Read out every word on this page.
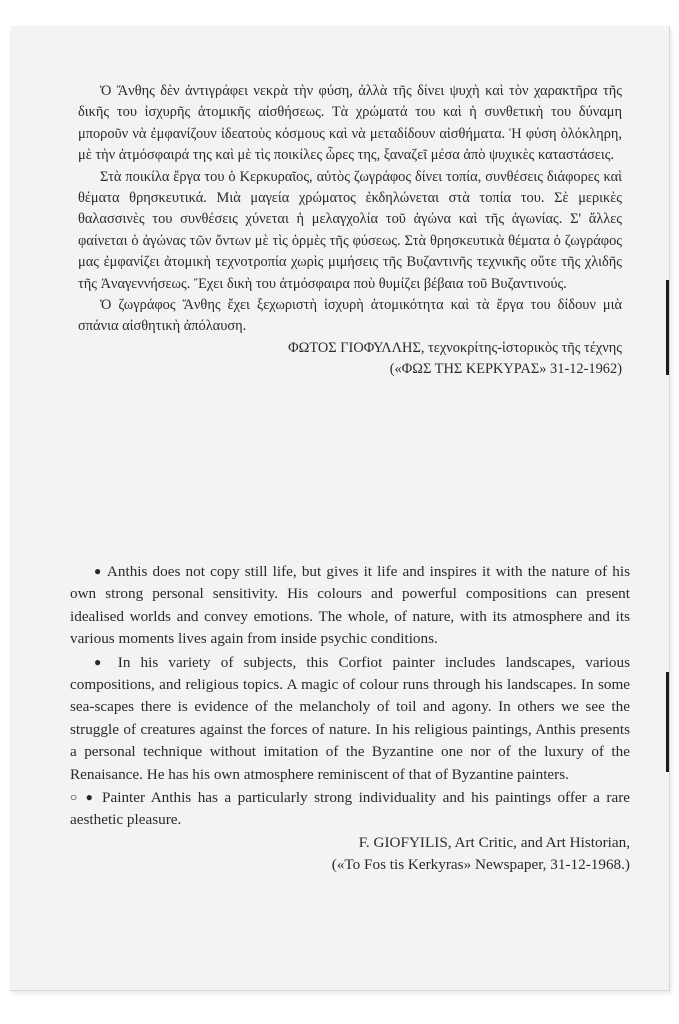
Ὁ Ἄνθης δὲν ἀντιγράφει νεκρὰ τὴν φύση, ἀλλὰ τῆς δίνει ψυχὴ καὶ τὸν χαρακτῆρα τῆς δικῆς του ἰσχυρῆς ἀτομικῆς αἰσθήσεως. Τὰ χρώματά του καὶ ἡ συνθετικὴ του δύναμη μποροῦν νὰ ἐμφανίζουν ἰδεατοὺς κόσμους καὶ νὰ μεταδίδουν αἰσθήματα. Ἡ φύση ὁλόκληρη, μὲ τὴν ἀτμόσφαιρά της καὶ μὲ τὶς ποικίλες ὧρες της, ξαναζεῖ μέσα ἀπὸ ψυχικὲς καταστάσεις.

Στὰ ποικίλα ἔργα του ὁ Κερκυραῖος, αὐτὸς ζωγράφος δίνει τοπία, συνθέσεις διάφορες καὶ θέματα θρησκευτικά. Μιὰ μαγεία χρώματος ἐκδηλώνεται στὰ τοπία του. Σὲ μερικὲς θαλασσινὲς του συνθέσεις χύνεται ἡ μελαγχολία τοῦ ἀγώνα καὶ τῆς ἀγωνίας. Σ' ἄλλες φαίνεται ὁ ἀγώνας τῶν ὄντων μὲ τὶς ὁρμὲς τῆς φύσεως. Στὰ θρησκευτικὰ θέματα ὁ ζωγράφος μας ἐμφανίζει ἀτομικὴ τεχνοτροπία χωρὶς μιμήσεις τῆς Βυζαντινῆς τεχνικῆς οὔτε τῆς χλιδῆς τῆς Ἀναγεννήσεως. Ἔχει δικὴ του ἀτμόσφαιρα ποὺ θυμίζει βέβαια τοῦ Βυζαντινούς.

Ὁ ζωγράφος Ἄνθης ἔχει ξεχωριστὴ ἰσχυρὴ ἀτομικότητα καὶ τὰ ἔργα του δίδουν μιὰ σπάνια αἰσθητικὴ ἀπόλαυση.

ΦΩΤΟΣ ΓΙΟΦΥΛΛΗΣ, τεχνοκρίτης-ἱστορικὸς τῆς τέχνης

(«ΦΩΣ ΤΗΣ ΚΕΡΚΥΡΑΣ» 31-12-1962)

● Anthis does not copy still life, but gives it life and inspires it with the nature of his own strong personal sensitivity. His colours and powerful compositions can present idealised worlds and convey emotions. The whole, of nature, with its atmosphere and its various moments lives again from inside psychic conditions.

● In his variety of subjects, this Corfiot painter includes landscapes, various compositions, and religious topics. A magic of colour runs through his landscapes. In some sea-scapes there is evidence of the melancholy of toil and agony. In others we see the struggle of creatures against the forces of nature. In his religious paintings, Anthis presents a personal technique without imitation of the Byzantine one nor of the luxury of the Renaisance. He has his own atmosphere reminiscent of that of Byzantine painters.

○ ● Painter Anthis has a particularly strong individuality and his paintings offer a rare aesthetic pleasure.

F. GIOFYILIS, Art Critic, and Art Historian,

(«To Fos tis Kerkyras» Newspaper, 31-12-1968.)
